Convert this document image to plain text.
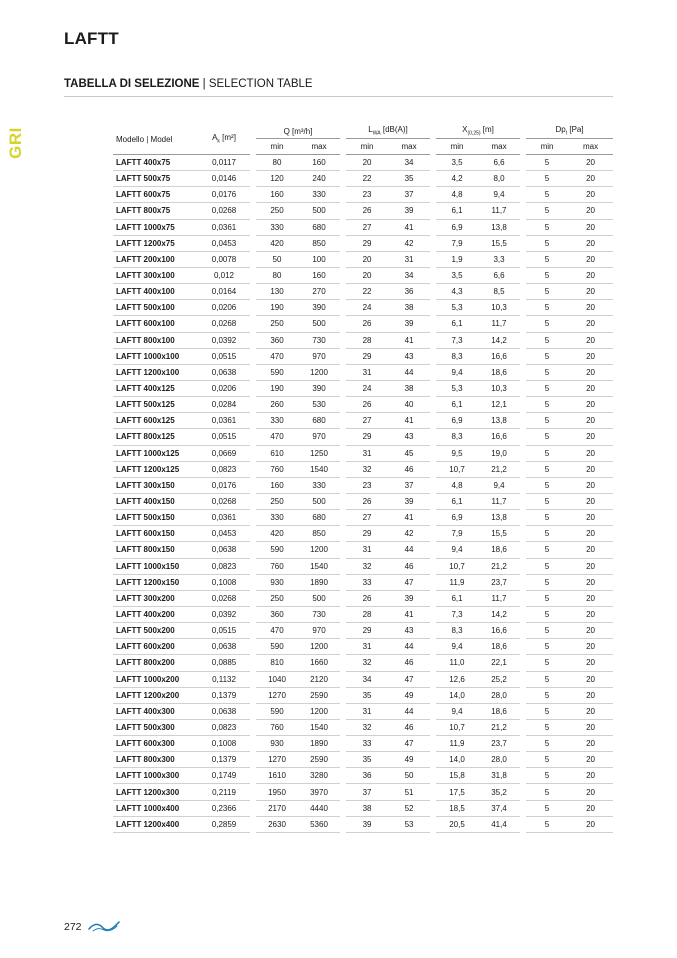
LAFTT
TABELLA DI SELEZIONE | SELECTION TABLE
GRI	Modello | Model	$A_k$ [m²]	Q [m³/h]		$L_{WA}$ [dB(A)]		$X_{(0,25)}$ [m]		$Dp_t$ [Pa]	
		min	max	min	max	min	max	min	max
LAFTT 400x75	0,0117	80	160	20	34	3,5	6,6	5	20
LAFTT 500x75	0,0146	120	240	22	35	4,2	8,0	5	20
LAFTT 600x75	0,0176	160	330	23	37	4,8	9,4	5	20
LAFTT 800x75	0,0268	250	500	26	39	6,1	11,7	5	20
LAFTT 1000x75	0,0361	330	680	27	41	6,9	13,8	5	20
LAFTT 1200x75	0,0453	420	850	29	42	7,9	15,5	5	20
LAFTT 200x100	0,0078	50	100	20	31	1,9	3,3	5	20
LAFTT 300x100	0,012	80	160	20	34	3,5	6,6	5	20
LAFTT 400x100	0,0164	130	270	22	36	4,3	8,5	5	20
LAFTT 500x100	0,0206	190	390	24	38	5,3	10,3	5	20
LAFTT 600x100	0,0268	250	500	26	39	6,1	11,7	5	20
LAFTT 800x100	0,0392	360	730	28	41	7,3	14,2	5	20
LAFTT 1000x100	0,0515	470	970	29	43	8,3	16,6	5	20
LAFTT 1200x100	0,0638	590	1200	31	44	9,4	18,6	5	20
LAFTT 400x125	0,0206	190	390	24	38	5,3	10,3	5	20
LAFTT 500x125	0,0284	260	530	26	40	6,1	12,1	5	20
LAFTT 600x125	0,0361	330	680	27	41	6,9	13,8	5	20
LAFTT 800x125	0,0515	470	970	29	43	8,3	16,6	5	20
LAFTT 1000x125	0,0669	610	1250	31	45	9,5	19,0	5	20
LAFTT 1200x125	0,0823	760	1540	32	46	10,7	21,2	5	20
LAFTT 300x150	0,0176	160	330	23	37	4,8	9,4	5	20
LAFTT 400x150	0,0268	250	500	26	39	6,1	11,7	5	20
LAFTT 500x150	0,0361	330	680	27	41	6,9	13,8	5	20
LAFTT 600x150	0,0453	420	850	29	42	7,9	15,5	5	20
LAFTT 800x150	0,0638	590	1200	31	44	9,4	18,6	5	20
LAFTT 1000x150	0,0823	760	1540	32	46	10,7	21,2	5	20
LAFTT 1200x150	0,1008	930	1890	33	47	11,9	23,7	5	20
LAFTT 300x200	0,0268	250	500	26	39	6,1	11,7	5	20
LAFTT 400x200	0,0392	360	730	28	41	7,3	14,2	5	20
LAFTT 500x200	0,0515	470	970	29	43	8,3	16,6	5	20
LAFTT 600x200	0,0638	590	1200	31	44	9,4	18,6	5	20
LAFTT 800x200	0,0885	810	1660	32	46	11,0	22,1	5	20
LAFTT 1000x200	0,1132	1040	2120	34	47	12,6	25,2	5	20
LAFTT 1200x200	0,1379	1270	2590	35	49	14,0	28,0	5	20
LAFTT 400x300	0,0638	590	1200	31	44	9,4	18,6	5	20
LAFTT 500x300	0,0823	760	1540	32	46	10,7	21,2	5	20
LAFTT 600x300	0,1008	930	1890	33	47	11,9	23,7	5	20
LAFTT 800x300	0,1379	1270	2590	35	49	14,0	28,0	5	20
LAFTT 1000x300	0,1749	1610	3280	36	50	15,8	31,8	5	20
LAFTT 1200x300	0,2119	1950	3970	37	51	17,5	35,2	5	20
LAFTT 1000x400	0,2366	2170	4440	38	52	18,5	37,4	5	20
LAFTT 1200x400	0,2859	2630	5360	39	53	20,5	41,4	5	20
272
